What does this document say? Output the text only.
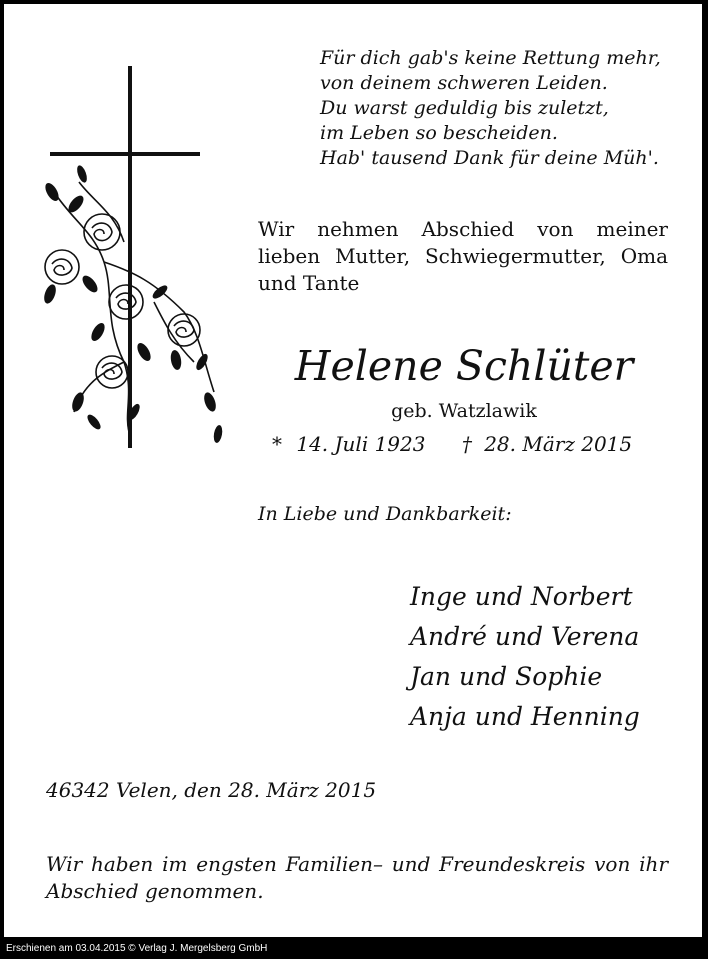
Für dich gab's keine Rettung mehr,
von deinem schweren Leiden.
Du warst geduldig bis zuletzt,
im Leben so bescheiden.
Hab' tausend Dank für deine Müh'.
Wir nehmen Abschied von meiner lieben Mutter, Schwiegermutter, Oma und Tante
Helene Schlüter
geb. Watzlawik
* 14. Juli 1923 † 28. März 2015
In Liebe und Dankbarkeit:
Inge und Norbert
André und Verena
Jan und Sophie
Anja und Henning
46342 Velen, den 28. März 2015
Wir haben im engsten Familien– und Freundeskreis von ihr Abschied genommen.
Erschienen am 03.04.2015 © Verlag J. Mergelsberg GmbH
